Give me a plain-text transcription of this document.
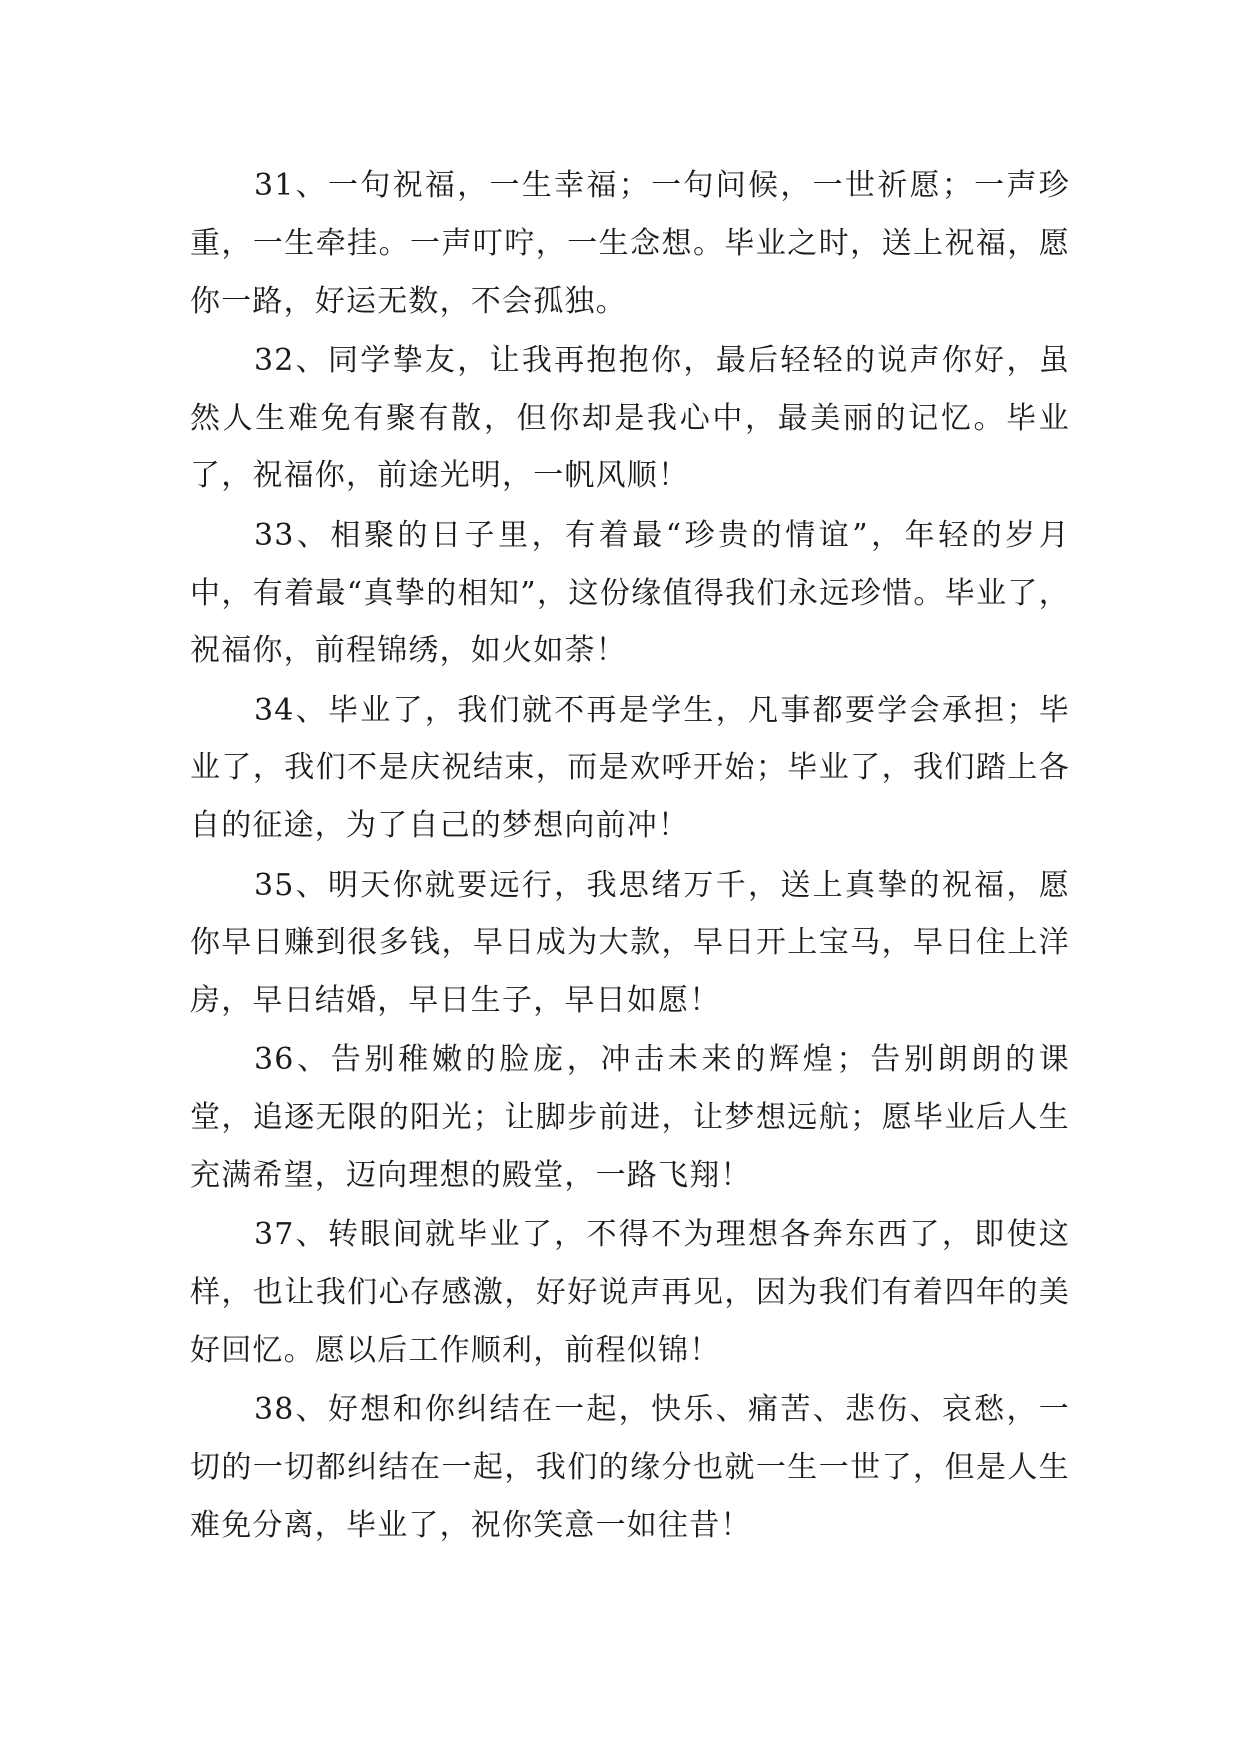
31、一句祝福，一生幸福；一句问候，一世祈愿；一声珍重，一生牵挂。一声叮咛，一生念想。毕业之时，送上祝福，愿你一路，好运无数，不会孤独。

32、同学挚友，让我再抱抱你，最后轻轻的说声你好，虽然人生难免有聚有散，但你却是我心中，最美丽的记忆。毕业了，祝福你，前途光明，一帆风顺！

33、相聚的日子里，有着最“珍贵的情谊”，年轻的岁月中，有着最“真挚的相知”，这份缘值得我们永远珍惜。毕业了，祝福你，前程锦绣，如火如荼！

34、毕业了，我们就不再是学生，凡事都要学会承担；毕业了，我们不是庆祝结束，而是欢呼开始；毕业了，我们踏上各自的征途，为了自己的梦想向前冲！

35、明天你就要远行，我思绪万千，送上真挚的祝福，愿你早日赚到很多钱，早日成为大款，早日开上宝马，早日住上洋房，早日结婚，早日生子，早日如愿！

36、告别稚嫩的脸庞，冲击未来的辉煌；告别朗朗的课堂，追逐无限的阳光；让脚步前进，让梦想远航；愿毕业后人生充满希望，迈向理想的殿堂，一路飞翔！

37、转眼间就毕业了，不得不为理想各奔东西了，即使这样，也让我们心存感激，好好说声再见，因为我们有着四年的美好回忆。愿以后工作顺利，前程似锦！

38、好想和你纠结在一起，快乐、痛苦、悲伤、哀愁，一切的一切都纠结在一起，我们的缘分也就一生一世了，但是人生难免分离，毕业了，祝你笑意一如往昔！
